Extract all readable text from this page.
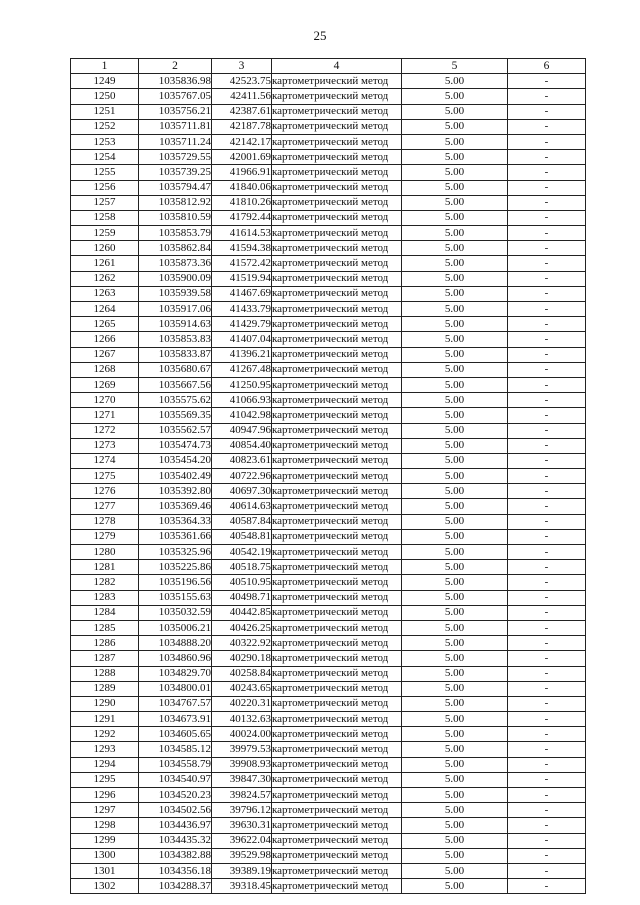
25
1	2	3	4	5	6
1249	1035836.98	42523.75	картометрический метод	5.00	-
1250	1035767.05	42411.56	картометрический метод	5.00	-
1251	1035756.21	42387.61	картометрический метод	5.00	-
1252	1035711.81	42187.78	картометрический метод	5.00	-
1253	1035711.24	42142.17	картометрический метод	5.00	-
1254	1035729.55	42001.69	картометрический метод	5.00	-
1255	1035739.25	41966.91	картометрический метод	5.00	-
1256	1035794.47	41840.06	картометрический метод	5.00	-
1257	1035812.92	41810.26	картометрический метод	5.00	-
1258	1035810.59	41792.44	картометрический метод	5.00	-
1259	1035853.79	41614.53	картометрический метод	5.00	-
1260	1035862.84	41594.38	картометрический метод	5.00	-
1261	1035873.36	41572.42	картометрический метод	5.00	-
1262	1035900.09	41519.94	картометрический метод	5.00	-
1263	1035939.58	41467.69	картометрический метод	5.00	-
1264	1035917.06	41433.79	картометрический метод	5.00	-
1265	1035914.63	41429.79	картометрический метод	5.00	-
1266	1035853.83	41407.04	картометрический метод	5.00	-
1267	1035833.87	41396.21	картометрический метод	5.00	-
1268	1035680.67	41267.48	картометрический метод	5.00	-
1269	1035667.56	41250.95	картометрический метод	5.00	-
1270	1035575.62	41066.93	картометрический метод	5.00	-
1271	1035569.35	41042.98	картометрический метод	5.00	-
1272	1035562.57	40947.96	картометрический метод	5.00	-
1273	1035474.73	40854.40	картометрический метод	5.00	-
1274	1035454.20	40823.61	картометрический метод	5.00	-
1275	1035402.49	40722.96	картометрический метод	5.00	-
1276	1035392.80	40697.30	картометрический метод	5.00	-
1277	1035369.46	40614.63	картометрический метод	5.00	-
1278	1035364.33	40587.84	картометрический метод	5.00	-
1279	1035361.66	40548.81	картометрический метод	5.00	-
1280	1035325.96	40542.19	картометрический метод	5.00	-
1281	1035225.86	40518.75	картометрический метод	5.00	-
1282	1035196.56	40510.95	картометрический метод	5.00	-
1283	1035155.63	40498.71	картометрический метод	5.00	-
1284	1035032.59	40442.85	картометрический метод	5.00	-
1285	1035006.21	40426.25	картометрический метод	5.00	-
1286	1034888.20	40322.92	картометрический метод	5.00	-
1287	1034860.96	40290.18	картометрический метод	5.00	-
1288	1034829.70	40258.84	картометрический метод	5.00	-
1289	1034800.01	40243.65	картометрический метод	5.00	-
1290	1034767.57	40220.31	картометрический метод	5.00	-
1291	1034673.91	40132.63	картометрический метод	5.00	-
1292	1034605.65	40024.00	картометрический метод	5.00	-
1293	1034585.12	39979.53	картометрический метод	5.00	-
1294	1034558.79	39908.93	картометрический метод	5.00	-
1295	1034540.97	39847.30	картометрический метод	5.00	-
1296	1034520.23	39824.57	картометрический метод	5.00	-
1297	1034502.56	39796.12	картометрический метод	5.00	-
1298	1034436.97	39630.31	картометрический метод	5.00	-
1299	1034435.32	39622.04	картометрический метод	5.00	-
1300	1034382.88	39529.98	картометрический метод	5.00	-
1301	1034356.18	39389.19	картометрический метод	5.00	-
1302	1034288.37	39318.45	картометрический метод	5.00	-
